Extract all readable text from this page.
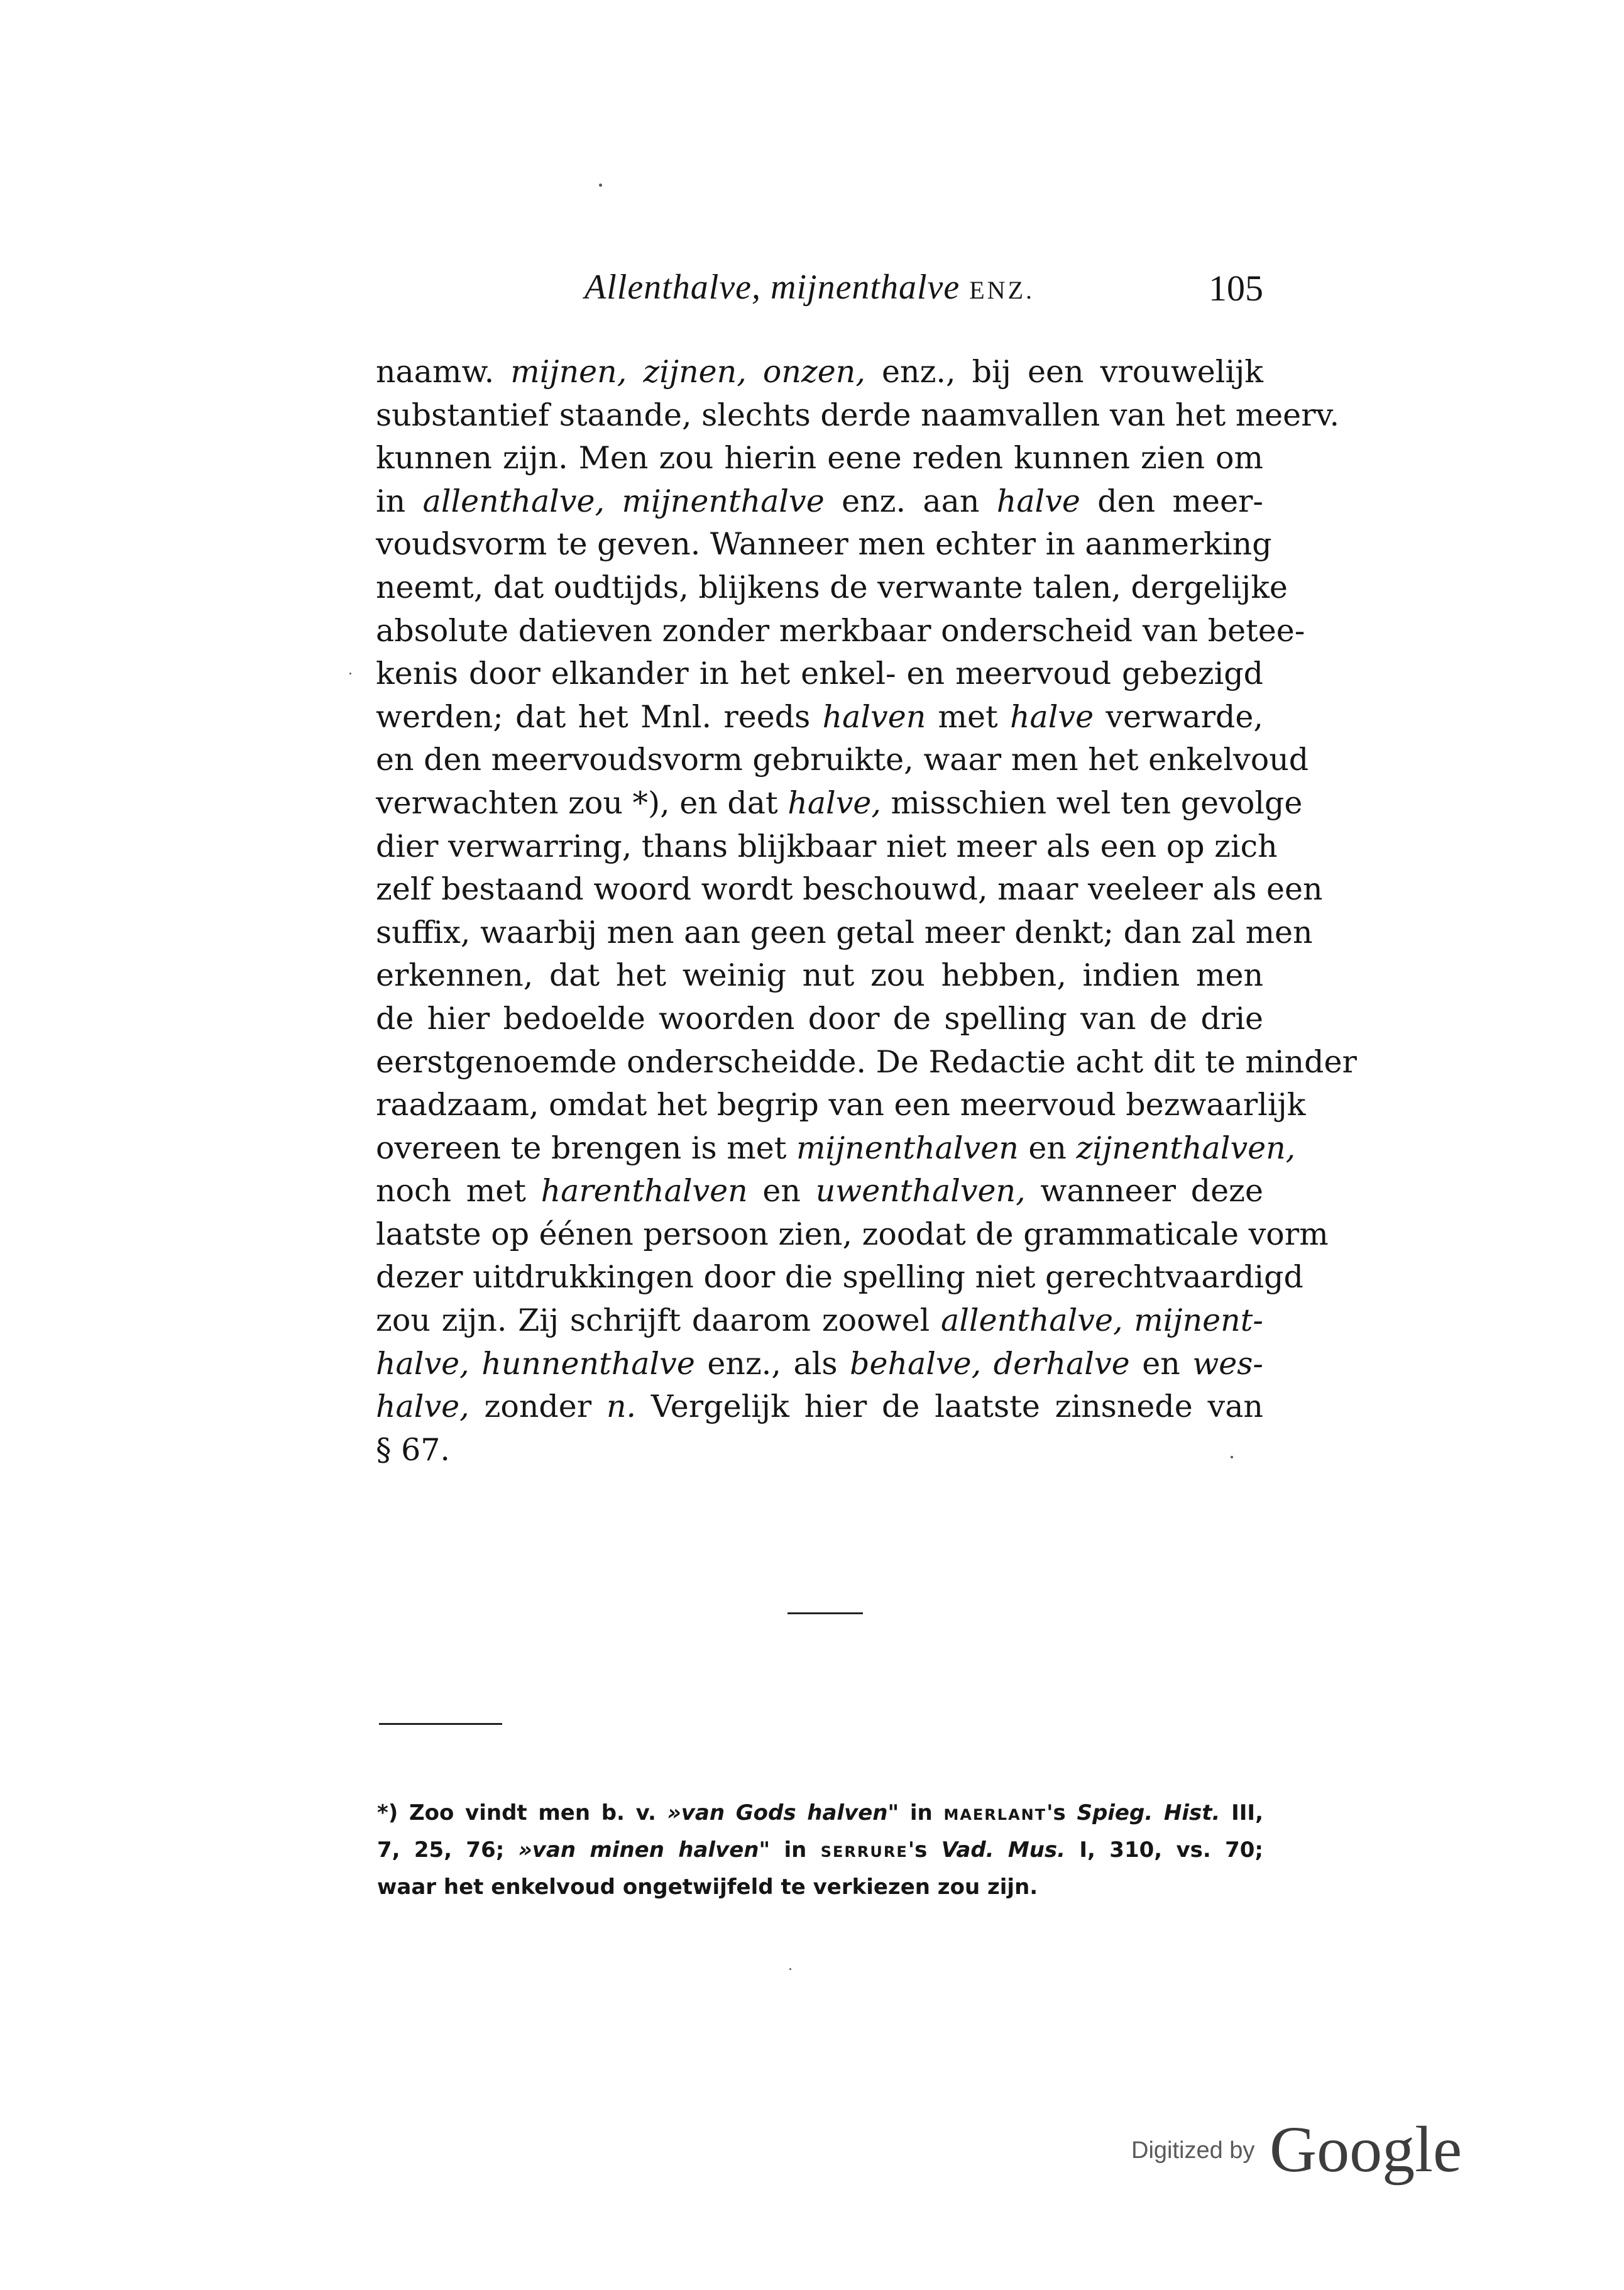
Allenthalve, mijnenthalve ENZ.	105
naamw. mijnen, zijnen, onzen, enz., bij een vrouwelijk
substantief staande, slechts derde naamvallen van het meerv.
kunnen zijn. Men zou hierin eene reden kunnen zien om
in allenthalve, mijnenthalve enz. aan halve den meer-
voudsvorm te geven. Wanneer men echter in aanmerking
neemt, dat oudtijds, blijkens de verwante talen, dergelijke
absolute datieven zonder merkbaar onderscheid van betee-
kenis door elkander in het enkel- en meervoud gebezigd
werden; dat het Mnl. reeds halven met halve verwarde,
en den meervoudsvorm gebruikte, waar men het enkelvoud
verwachten zou *), en dat halve, misschien wel ten gevolge
dier verwarring, thans blijkbaar niet meer als een op zich
zelf bestaand woord wordt beschouwd, maar veeleer als een
suffix, waarbij men aan geen getal meer denkt; dan zal men
erkennen, dat het weinig nut zou hebben, indien men
de hier bedoelde woorden door de spelling van de drie
eerstgenoemde onderscheidde. De Redactie acht dit te minder
raadzaam, omdat het begrip van een meervoud bezwaarlijk
overeen te brengen is met mijnenthalven en zijnenthalven,
noch met harenthalven en uwenthalven, wanneer deze
laatste op éénen persoon zien, zoodat de grammaticale vorm
dezer uitdrukkingen door die spelling niet gerechtvaardigd
zou zijn. Zij schrijft daarom zoowel allenthalve, mijnent-
halve, hunnenthalve enz., als behalve, derhalve en wes-
halve, zonder n. Vergelijk hier de laatste zinsnede van
§ 67.
*) Zoo vindt men b. v. »van Gods halven" in MAERLANT's Spieg. Hist. III,
7, 25, 76; »van minen halven" in SERRURE's Vad. Mus. I, 310, vs. 70;
waar het enkelvoud ongetwijfeld te verkiezen zou zijn.
Digitized by Google
